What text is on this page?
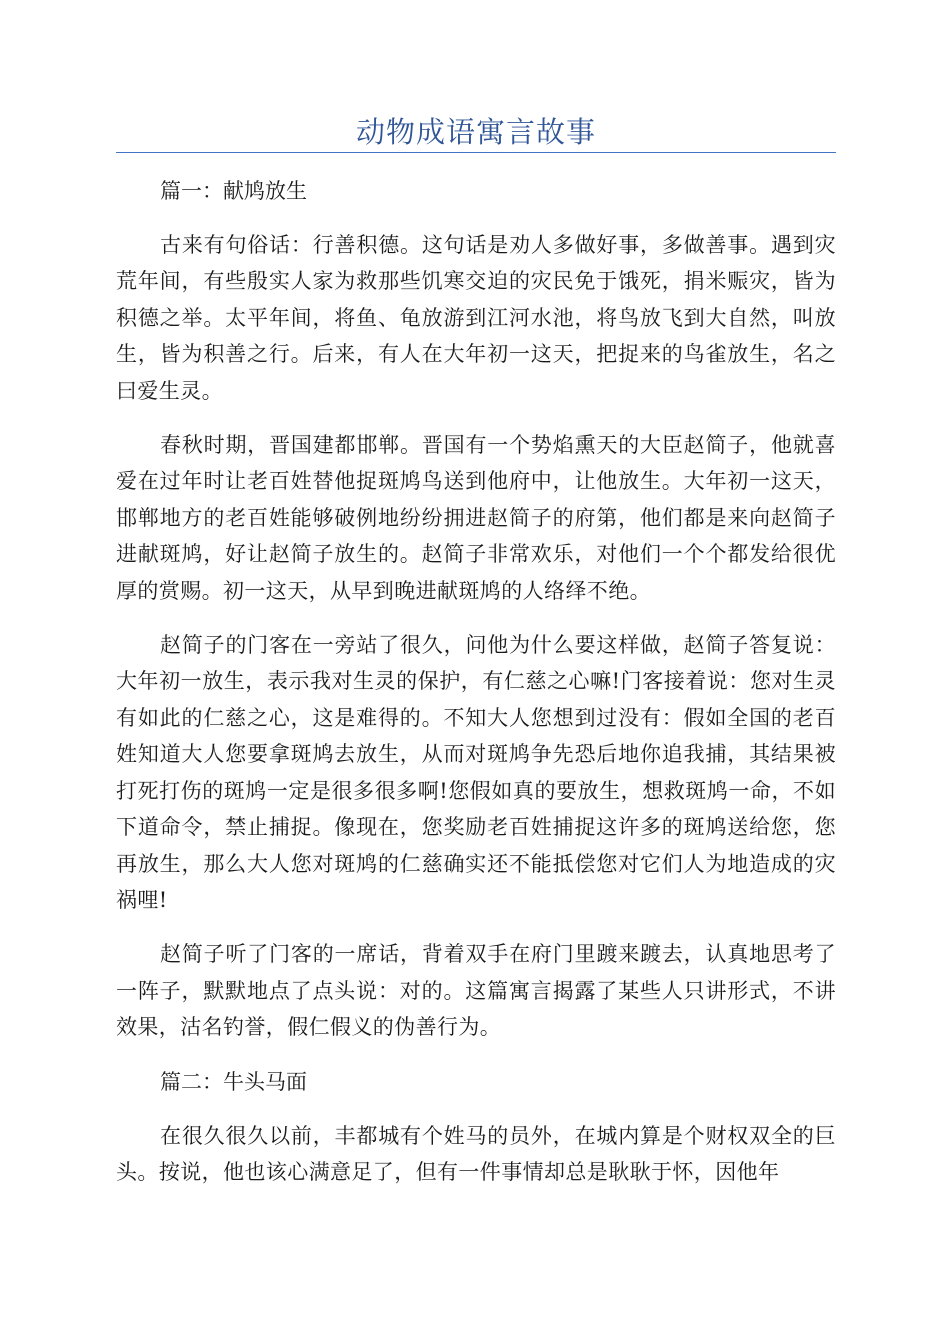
动物成语寓言故事

篇一：献鸠放生

古来有句俗话：行善积德。这句话是劝人多做好事，多做善事。遇到灾荒年间，有些殷实人家为救那些饥寒交迫的灾民免于饿死，捐米赈灾，皆为积德之举。太平年间，将鱼、龟放游到江河水池，将鸟放飞到大自然，叫放生，皆为积善之行。后来，有人在大年初一这天，把捉来的鸟雀放生，名之曰爱生灵。

春秋时期，晋国建都邯郸。晋国有一个势焰熏天的大臣赵简子，他就喜爱在过年时让老百姓替他捉斑鸠鸟送到他府中，让他放生。大年初一这天，邯郸地方的老百姓能够破例地纷纷拥进赵简子的府第，他们都是来向赵简子进献斑鸠，好让赵简子放生的。赵简子非常欢乐，对他们一个个都发给很优厚的赏赐。初一这天，从早到晚进献斑鸠的人络绎不绝。

赵简子的门客在一旁站了很久，问他为什么要这样做，赵简子答复说：大年初一放生，表示我对生灵的保护，有仁慈之心嘛!门客接着说：您对生灵有如此的仁慈之心，这是难得的。不知大人您想到过没有：假如全国的老百姓知道大人您要拿斑鸠去放生，从而对斑鸠争先恐后地你追我捕，其结果被打死打伤的斑鸠一定是很多很多啊!您假如真的要放生，想救斑鸠一命，不如下道命令，禁止捕捉。像现在，您奖励老百姓捕捉这许多的斑鸠送给您，您再放生，那么大人您对斑鸠的仁慈确实还不能抵偿您对它们人为地造成的灾祸哩!

赵简子听了门客的一席话，背着双手在府门里踱来踱去，认真地思考了一阵子，默默地点了点头说：对的。这篇寓言揭露了某些人只讲形式，不讲效果，沽名钓誉，假仁假义的伪善行为。

篇二：牛头马面

在很久很久以前，丰都城有个姓马的员外，在城内算是个财权双全的巨头。按说，他也该心满意足了，但有一件事情却总是耿耿于怀，因他年
